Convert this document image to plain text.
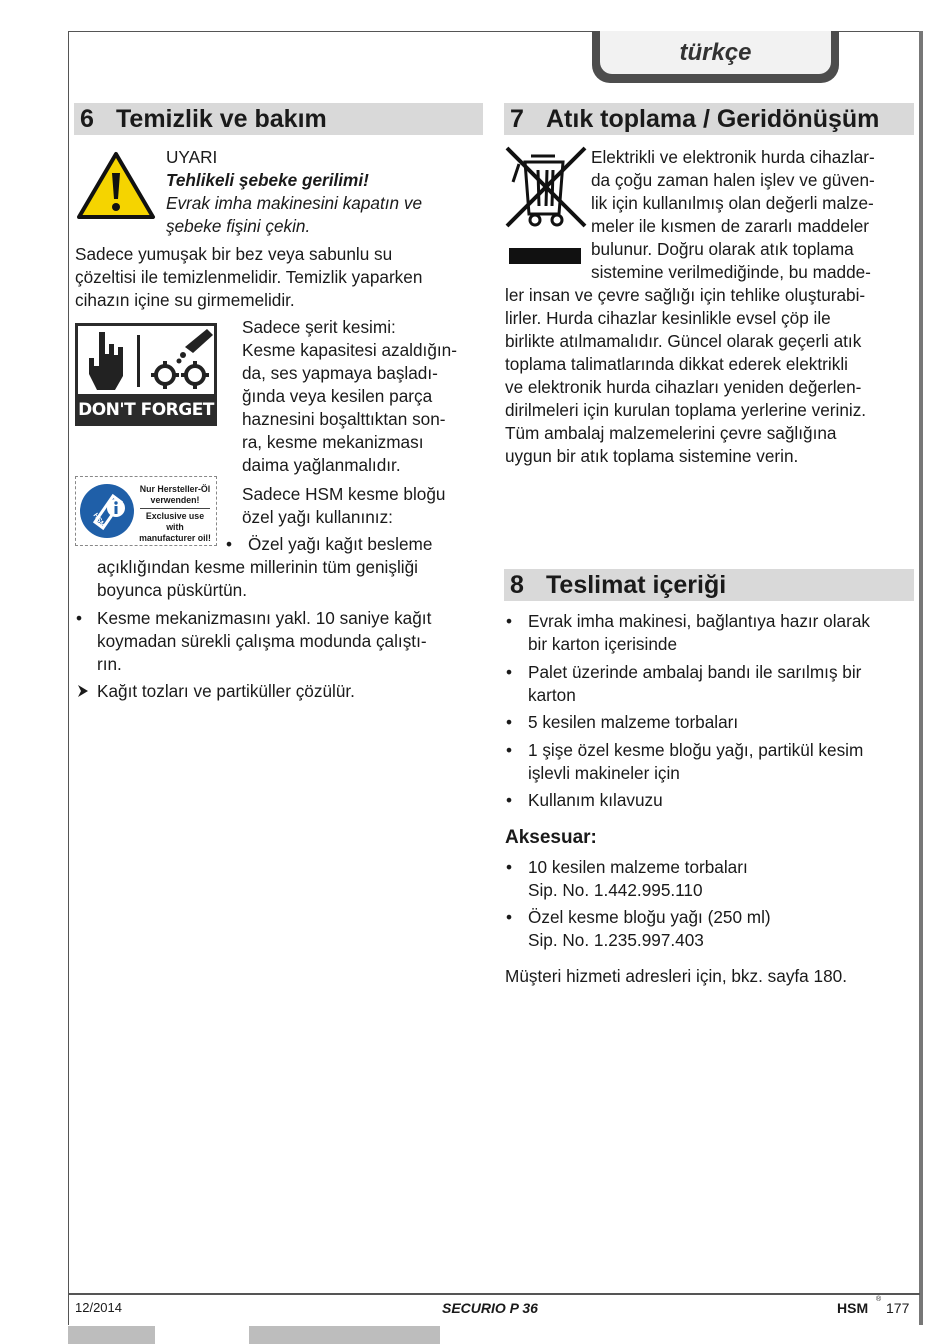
türkçe
6 Temizlik ve bakım
UYARI
Tehlikeli şebeke gerilimi!
Evrak imha makinesini kapatın ve
şebeke fişini çekin.
Sadece yumuşak bir bez veya sabunlu su
çözeltisi ile temizlenmelidir. Temizlik yaparken
cihazın içine su girmemelidir.
DON'T FORGET
Sadece şerit kesimi:
Kesme kapasitesi azaldığın-
da, ses yapmaya başladı-
ğında veya kesilen parça
haznesini boşalttıktan son-
ra, kesme mekanizması
daima yağlanmalıdır.
HSM
Nur Hersteller-Öl
verwenden!
Exclusive use with
manufacturer oil!
Sadece HSM kesme bloğu
özel yağı kullanınız:
• Özel yağı kağıt besleme
açıklığından kesme millerinin tüm genişliği
boyunca püskürtün.
• Kesme mekanizmasını yakl. 10 saniye kağıt
koymadan sürekli çalışma modunda çalıştı-
rın.
Kağıt tozları ve partiküller çözülür.
7 Atık toplama / Geridönüşüm
Elektrikli ve elektronik hurda cihazlar-
da çoğu zaman halen işlev ve güven-
lik için kullanılmış olan değerli malze-
meler ile kısmen de zararlı maddeler
bulunur. Doğru olarak atık toplama
sistemine verilmediğinde, bu madde-
ler insan ve çevre sağlığı için tehlike oluşturabi-
lirler. Hurda cihazlar kesinlikle evsel çöp ile
birlikte atılmamalıdır. Güncel olarak geçerli atık
toplama talimatlarında dikkat ederek elektrikli
ve elektronik hurda cihazları yeniden değerlen-
dirilmeleri için kurulan toplama yerlerine veriniz.
Tüm ambalaj malzemelerini çevre sağlığına
uygun bir atık toplama sistemine verin.
8 Teslimat içeriği
• Evrak imha makinesi, bağlantıya hazır olarak
bir karton içerisinde
• Palet üzerinde ambalaj bandı ile sarılmış bir
karton
• 5 kesilen malzeme torbaları
• 1 şişe özel kesme bloğu yağı, partikül kesim
işlevli makineler için
• Kullanım kılavuzu
Aksesuar:
• 10 kesilen malzeme torbaları
Sip. No. 1.442.995.110
• Özel kesme bloğu yağı (250 ml)
Sip. No. 1.235.997.403
Müşteri hizmeti adresleri için, bkz. sayfa 180.
12/2014	SECURIO P 36	HSM
®
177
